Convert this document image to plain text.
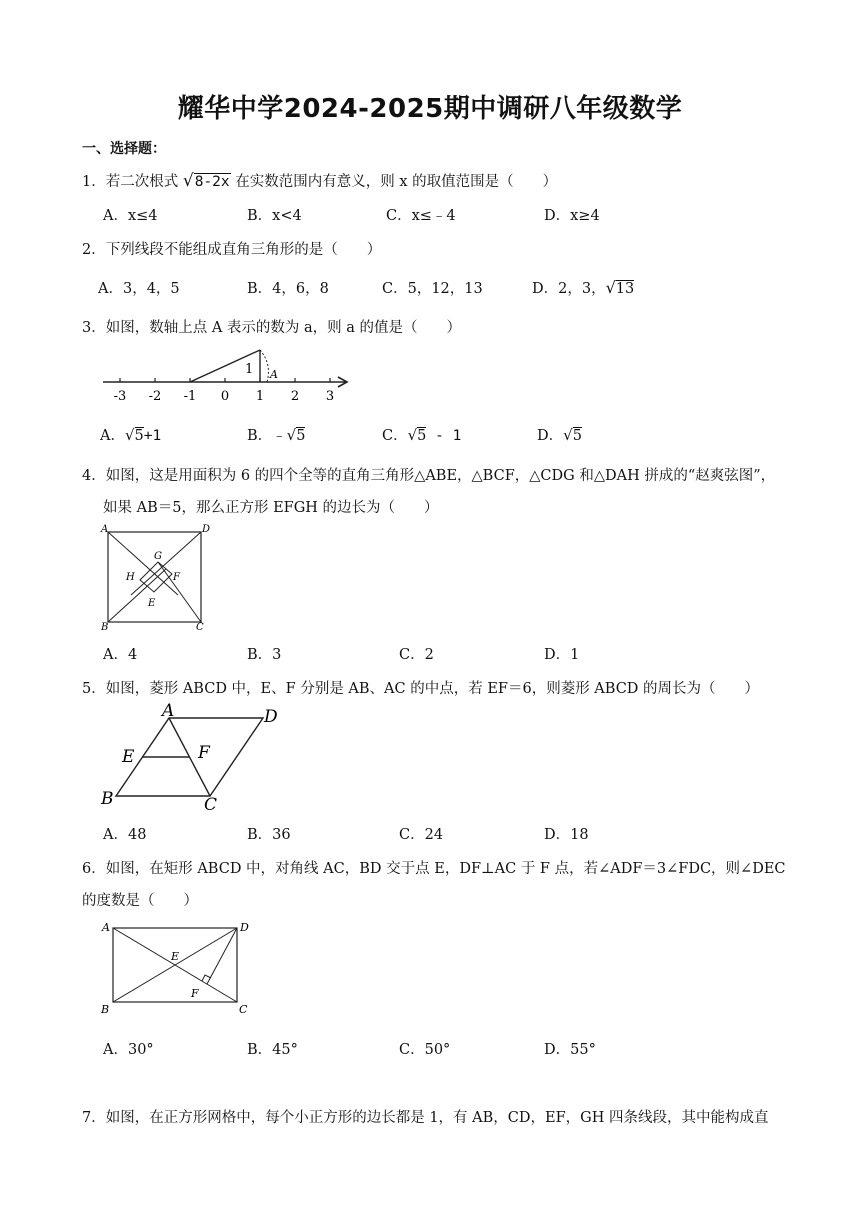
耀华中学2024-2025期中调研八年级数学
一、选择题：
1．若二次根式 √8-2x 在实数范围内有意义，则 x 的取值范围是（　　）
A．x≤4	B．x<4	C．x≤﹣4	D．x≥4
2．下列线段不能组成直角三角形的是（　　）
A．3，4，5	B．4，6，8	C．5，12，13	D．2，3，√13
3．如图，数轴上点 A 表示的数为 a，则 a 的值是（　　）
1 A
-3 -2 -1 0 1 2 3
A．√5+1	B．﹣√5	C．√5 - 1	D．√5
4．如图，这是用面积为 6 的四个全等的直角三角形△ABE，△BCF，△CDG 和△DAH 拼成的“赵爽弦图”，
如果 AB＝5，那么正方形 EFGH 的边长为（　　）
A	D
B	C
G
H	F
E
A．4	B．3	C．2	D．1
5．如图，菱形 ABCD 中，E、F 分别是 AB、AC 的中点，若 EF＝6，则菱形 ABCD 的周长为（　　）
A	D
E	F
B	C
A．48	B．36	C．24	D．18
6．如图，在矩形 ABCD 中，对角线 AC，BD 交于点 E，DF⊥AC 于 F 点，若∠ADF＝3∠FDC，则∠DEC
的度数是（　　）
A	D
E
F
B	C
A．30°	B．45°	C．50°	D．55°
7．如图，在正方形网格中，每个小正方形的边长都是 1，有 AB，CD，EF，GH 四条线段，其中能构成直
